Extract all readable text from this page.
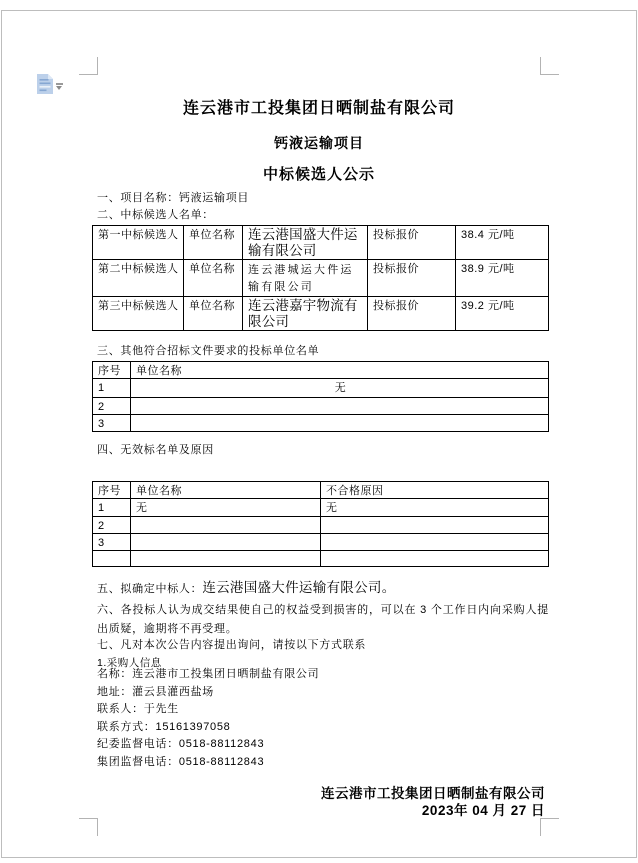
连云港市工投集团日晒制盐有限公司
钙液运输项目
中标候选人公示
一、项目名称：钙液运输项目
二、中标候选人名单：
第一中标候选人	单位名称	连云港国盛大件运输有限公司	投标报价	38.4 元/吨
第二中标候选人	单位名称	连云港城运大件运输有限公司	投标报价	38.9 元/吨
第三中标候选人	单位名称	连云港嘉宇物流有限公司	投标报价	39.2 元/吨
三、其他符合招标文件要求的投标单位名单
序号	单位名称
1	无
2	
3	
四、无效标名单及原因
序号	单位名称	不合格原因
1	无	无
2		
3		

五、拟确定中标人：连云港国盛大件运输有限公司。
六、各投标人认为成交结果使自己的权益受到损害的，可以在 3 个工作日内向采购人提出质疑，逾期将不再受理。
七、凡对本次公告内容提出询问，请按以下方式联系
1.采购人信息
名称：连云港市工投集团日晒制盐有限公司
地址：灌云县灌西盐场
联系人：于先生
联系方式：15161397058
纪委监督电话：0518-88112843
集团监督电话：0518-88112843
连云港市工投集团日晒制盐有限公司
2023年 04 月 27 日
